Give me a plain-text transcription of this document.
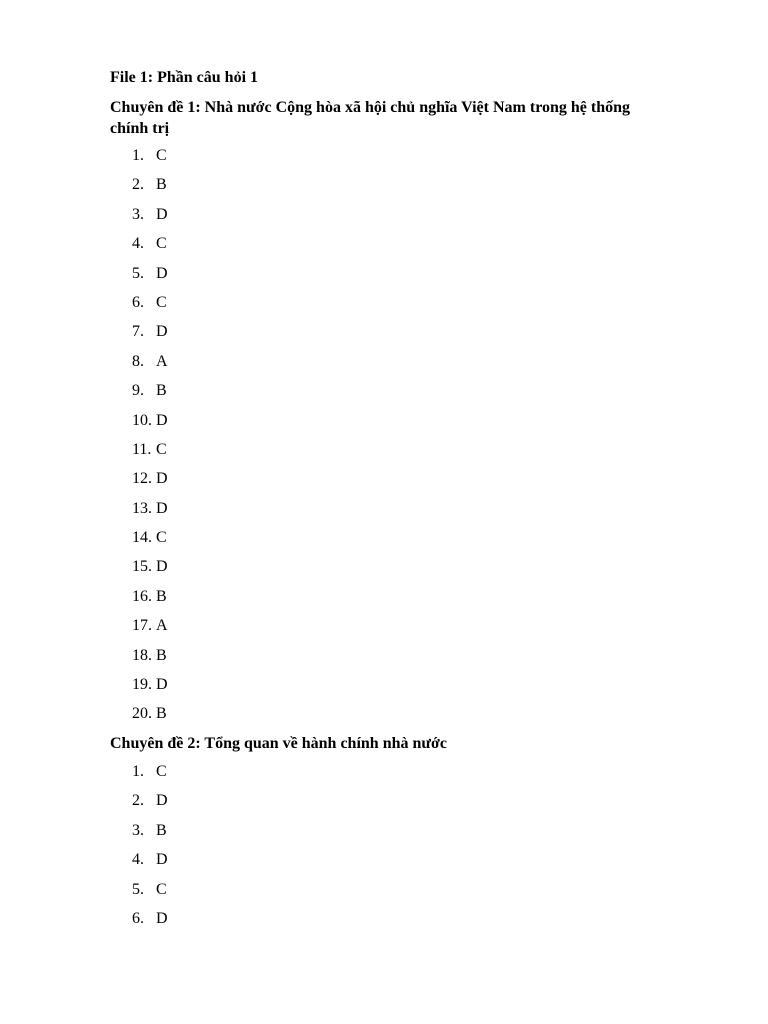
File 1: Phần câu hỏi 1
Chuyên đề 1: Nhà nước Cộng hòa xã hội chủ nghĩa Việt Nam trong hệ thống chính trị
1. C
2. B
3. D
4. C
5. D
6. C
7. D
8. A
9. B
10. D
11. C
12. D
13. D
14. C
15. D
16. B
17. A
18. B
19. D
20. B
Chuyên đề 2: Tổng quan về hành chính nhà nước
1. C
2. D
3. B
4. D
5. C
6. D
